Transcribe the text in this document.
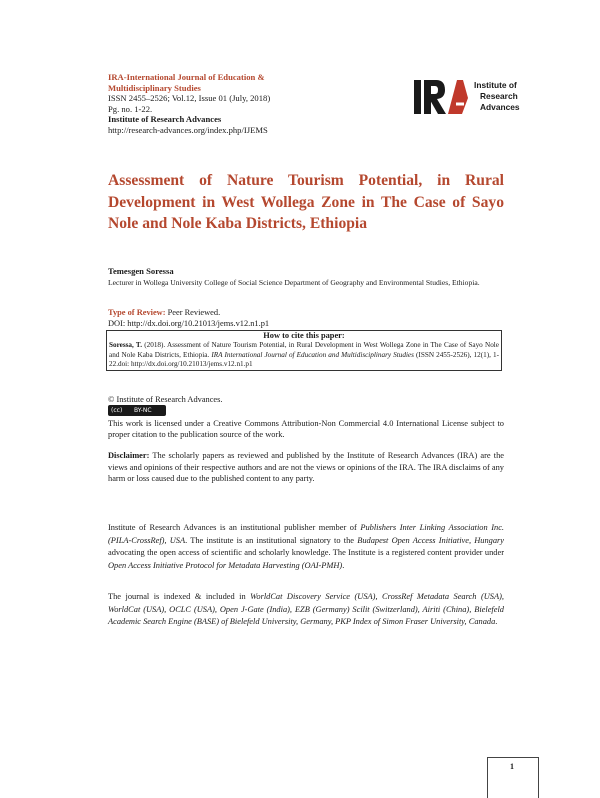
IRA-International Journal of Education &
Multidisciplinary Studies
ISSN 2455–2526; Vol.12, Issue 01 (July, 2018)
Pg. no. 1-22.
Institute of Research Advances
http://research-advances.org/index.php/IJEMS
Institute of
Research
Advances
Assessment of Nature Tourism Potential, in Rural Development in West Wollega Zone in The Case of Sayo Nole and Nole Kaba Districts, Ethiopia
Temesgen Soressa
Lecturer in Wollega University College of Social Science Department of Geography and Environmental Studies, Ethiopia.
Type of Review: Peer Reviewed.
DOI: http://dx.doi.org/10.21013/jems.v12.n1.p1
How to cite this paper:
Soressa, T. (2018). Assessment of Nature Tourism Potential, in Rural Development in West Wollega Zone in The Case of Sayo Nole and Nole Kaba Districts, Ethiopia. IRA International Journal of Education and Multidisciplinary Studies (ISSN 2455-2526), 12(1), 1-22.doi: http://dx.doi.org/10.21013/jems.v12.n1.p1
© Institute of Research Advances.
(cc) BY-NC
This work is licensed under a Creative Commons Attribution-Non Commercial 4.0 International License subject to proper citation to the publication source of the work.
Disclaimer: The scholarly papers as reviewed and published by the Institute of Research Advances (IRA) are the views and opinions of their respective authors and are not the views or opinions of the IRA. The IRA disclaims of any harm or loss caused due to the published content to any party.
Institute of Research Advances is an institutional publisher member of Publishers Inter Linking Association Inc. (PILA-CrossRef), USA. The institute is an institutional signatory to the Budapest Open Access Initiative, Hungary advocating the open access of scientific and scholarly knowledge. The Institute is a registered content provider under Open Access Initiative Protocol for Metadata Harvesting (OAI-PMH).
The journal is indexed & included in WorldCat Discovery Service (USA), CrossRef Metadata Search (USA), WorldCat (USA), OCLC (USA), Open J-Gate (India), EZB (Germany) Scilit (Switzerland), Airiti (China), Bielefeld Academic Search Engine (BASE) of Bielefeld University, Germany, PKP Index of Simon Fraser University, Canada.
1
